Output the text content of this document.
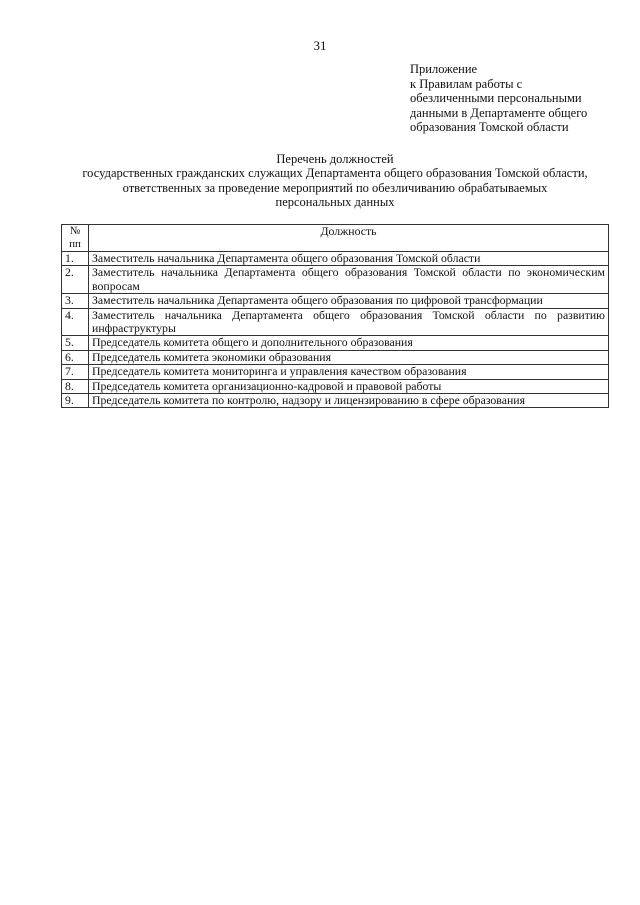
31
Приложение
к Правилам работы с
обезличенными персональными
данными в Департаменте общего
образования Томской области
Перечень должностей
государственных гражданских служащих Департамента общего образования Томской области,
ответственных за проведение мероприятий по обезличиванию обрабатываемых
персональных данных
№
пп	Должность
1.	Заместитель начальника Департамента общего образования Томской области
2.	Заместитель начальника Департамента общего образования Томской области по экономическим вопросам
3.	Заместитель начальника Департамента общего образования по цифровой трансформации
4.	Заместитель начальника Департамента общего образования Томской области по развитию инфраструктуры
5.	Председатель комитета общего и дополнительного образования
6.	Председатель комитета экономики образования
7.	Председатель комитета мониторинга и управления качеством образования
8.	Председатель комитета организационно-кадровой и правовой работы
9.	Председатель комитета по контролю, надзору и лицензированию в сфере образования
